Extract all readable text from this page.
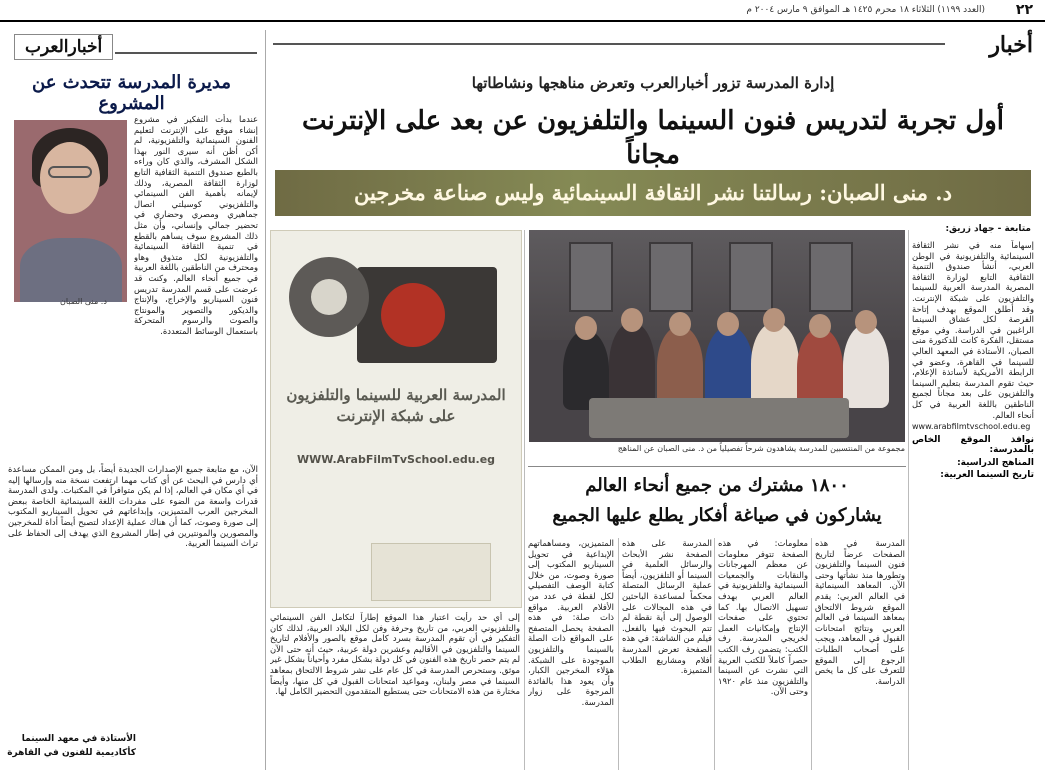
٢٢
(العدد ١١٩٩) الثلاثاء ١٨ محرم ١٤٢٥ هـ الموافق ٩ مارس ٢٠٠٤ م
أخبارالعرب
مديرة المدرسة تتحدث عن المشروع

عندما بدأت التفكير في مشروع إنشاء موقع على الإنترنت لتعليم الفنون السينمائية والتلفزيونية، لم أكن أظن أنه سيرى النور بهذا الشكل المشرف، والذي كان وراءه بالطبع صندوق التنمية الثقافية التابع لوزارة الثقافة المصرية، وذلك لإيمانه بأهمية الفن السينمائي والتلفزيوني كوسيلتي اتصال جماهيري ومصري وحضاري في تحضير جمالي وإنساني، وأن مثل ذلك المشروع سوف يساهم بالقطع في تنمية الثقافة السينمائية والتلفزيونية لكل متذوق وهاو ومحترف من الناطقين باللغة العربية في جميع أنحاء العالم. وكنت قد عرضت على قسم المدرسة تدريس فنون السيناريو والإخراج، والإنتاج والديكور والتصوير والمونتاج والصوت والرسوم المتحركة باستعمال الوسائط المتعددة.

د. منى الصبان

الآن، مع متابعة جميع الإصدارات الجديدة أيضاً، بل ومن الممكن مساعدة أي دارس في البحث عن أي كتاب مهما ارتفعت نسخة منه وإرسالها إليه في أي مكان في العالم، إذا لم يكن متوافراً في المكتبات. ولدى المدرسة قدرات واسعة من الضوء على مفردات اللغة السينمائية الخاصة ببعض المخرجين العرب المتميزين، وإبداعاتهم في تحويل السيناريو المكتوب إلى صورة وصوت، كما أن هناك عملية الإعداد لتصبح أيضاً أداة للمخرجين والمصورين والمونتيرين في إطار المشروع الذي يهدف إلى الحفاظ على تراث السينما العربية.

الأستاذة في معهد السينما
كأكاديمية للفنون في القاهرة
أخبار
إدارة المدرسة تزور أخبارالعرب وتعرض مناهجها ونشاطاتها
أول تجربة لتدريس فنون السينما والتلفزيون عن بعد على الإنترنت مجاناً
د. منى الصبان: رسالتنا نشر الثقافة السينمائية وليس صناعة مخرجين
متابعة - جهاد زريق:

إسهاماً منه في نشر الثقافة السينمائية والتلفزيونية في الوطن العربي، أنشأ صندوق التنمية الثقافية التابع لوزارة الثقافة المصرية المدرسة العربية للسينما والتلفزيون على شبكة الإنترنت. وقد أطلق الموقع بهدف إتاحة الفرصة لكل عشاق السينما الراغبين في الدراسة. وفي موقع مستقل، الفكرة كانت للدكتورة منى الصبان، الأستاذة في المعهد العالي للسينما في القاهرة، وعضو في الرابطة الأمريكية لأساتذة الإعلام، حيث تقوم المدرسة بتعليم السينما والتلفزيون على بعد مجاناً لجميع الناطقين باللغة العربية في كل أنحاء العالم.

www.arabfilmtvschool.edu.eg

نوافذ الموقع الخاص بالمدرسة:

المناهج الدراسية:

تاريخ السينما العربية:

مجموعة من المنتسبين للمدرسة يشاهدون شرحاً تفصيلياً من د. منى الصبان عن المناهج
المدرسة العربية للسينما والتلفزيون على شبكة الإنترنت
WWW.ArabFilmTvSchool.edu.eg
١٨٠٠ مشترك من جميع أنحاء العالم
يشاركون في صياغة أفكار يطلع عليها الجميع

المدرسة في هذه الصفحات عرضاً لتاريخ فنون السينما والتلفزيون وتطورها منذ نشأتها وحتى الآن. المعاهد السينمائية في العالم العربي: يقدم الموقع شروط الالتحاق بمعاهد السينما في العالم العربي ونتائج امتحانات القبول في المعاهد، ويجب على أصحاب الطلبات الرجوع إلى الموقع للتعرف على كل ما يخص الدراسة.

معلومات: في هذه الصفحة تتوفر معلومات عن معظم المهرجانات والنقابات والجمعيات السينمائية والتلفزيونية في العالم العربي بهدف تسهيل الاتصال بها. كما تحتوي على صفحات الإنتاج وإمكانيات العمل لخريجي المدرسة. رف الكتب: يتضمن رف الكتب حصراً كاملاً للكتب العربية التي نشرت عن السينما والتلفزيون منذ عام ١٩٢٠ وحتى الآن.

المدرسة على هذه الصفحة نشر الأبحاث والرسائل العلمية في السينما أو التلفزيون، أيضاً عملية الرسائل المتصلة محكماً لمساعدة الباحثين في هذه المجالات على الوصول إلى أية نقطة لم تتم البحوث فيها بالفعل. فيلم من الشاشة: في هذه الصفحة تعرض المدرسة أفلام ومشاريع الطلاب المتميزة.

المتميزين، ومساهماتهم الإبداعية في تحويل السيناريو المكتوب إلى صورة وصوت، من خلال كتابة الوصف التفصيلي لكل لقطة في عدد من الأفلام العربية. مواقع ذات صلة: في هذه الصفحة يحصل المتصفح على المواقع ذات الصلة بالسينما والتلفزيون الموجودة على الشبكة. هؤلاء المخرجين الكبار، وأن يعود هذا بالفائدة المرجوة على زوار المدرسة.

إلى أي حد رأيت اعتبار هذا الموقع إطاراً لتكامل الفن السينمائي والتلفزيوني العربي، من تاريخ وحرفة وفن لكل البلاد العربية، لذلك كان التفكير في أن تقوم المدرسة بسرد كامل موقع بالصور والأفلام لتاريخ السينما والتلفزيون في الأقاليم وعشرين دولة عربية، حيث أنه حتى الآن لم يتم حصر تاريخ هذه الفنون في كل دولة بشكل مفرد وأحياناً بشكل غير موثق. وستحرص المدرسة في كل عام على نشر شروط الالتحاق بمعاهد السينما في مصر ولبنان، ومواعيد امتحانات القبول في كل منها، وأيضاً مختارة من هذه الامتحانات حتى يستطيع المتقدمون التحضير الكامل لها.
